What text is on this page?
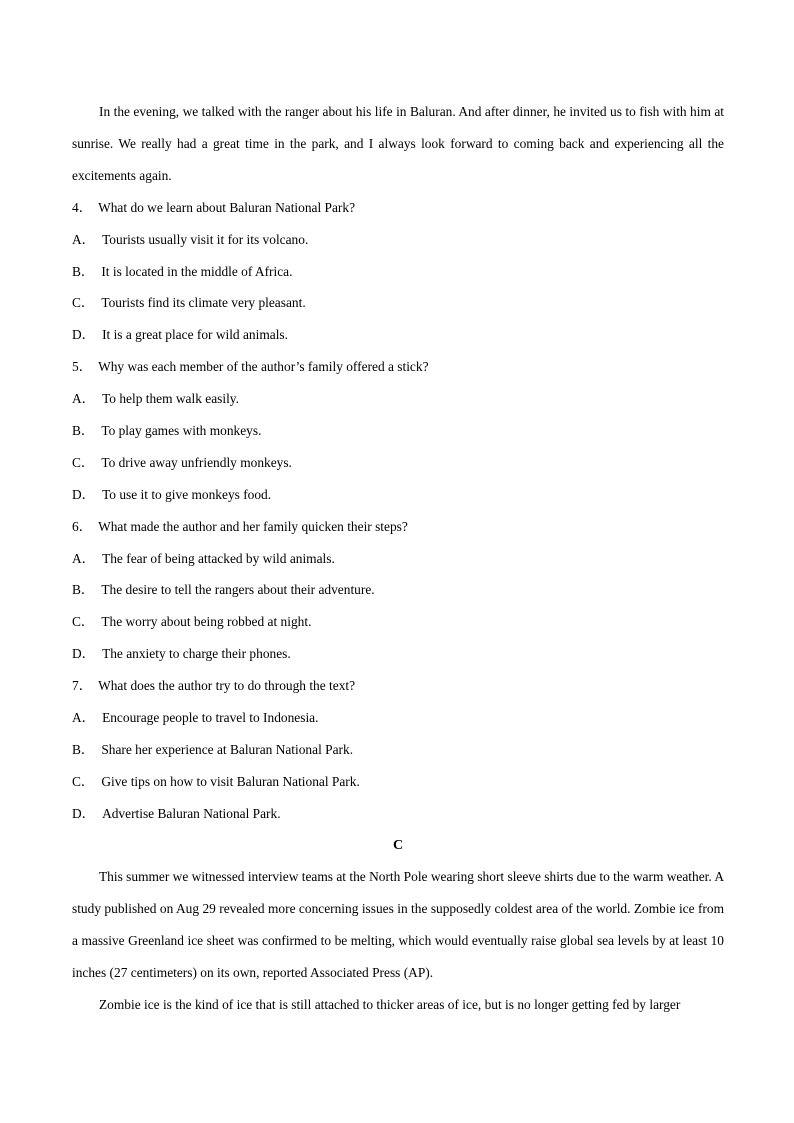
In the evening, we talked with the ranger about his life in Baluran. And after dinner, he invited us to fish with him at sunrise. We really had a great time in the park, and I always look forward to coming back and experiencing all the excitements again.

4． What do we learn about Baluran National Park?
A． Tourists usually visit it for its volcano.
B． It is located in the middle of Africa.
C． Tourists find its climate very pleasant.
D． It is a great place for wild animals.
5． Why was each member of the author’s family offered a stick?
A． To help them walk easily.
B． To play games with monkeys.
C． To drive away unfriendly monkeys.
D． To use it to give monkeys food.
6． What made the author and her family quicken their steps?
A． The fear of being attacked by wild animals.
B． The desire to tell the rangers about their adventure.
C． The worry about being robbed at night.
D． The anxiety to charge their phones.
7． What does the author try to do through the text?
A． Encourage people to travel to Indonesia.
B． Share her experience at Baluran National Park.
C． Give tips on how to visit Baluran National Park.
D． Advertise Baluran National Park.
C

This summer we witnessed interview teams at the North Pole wearing short sleeve shirts due to the warm weather. A study published on Aug 29 revealed more concerning issues in the supposedly coldest area of the world. Zombie ice from a massive Greenland ice sheet was confirmed to be melting, which would eventually raise global sea levels by at least 10 inches (27 centimeters) on its own, reported Associated Press (AP).

Zombie ice is the kind of ice that is still attached to thicker areas of ice, but is no longer getting fed by larger
